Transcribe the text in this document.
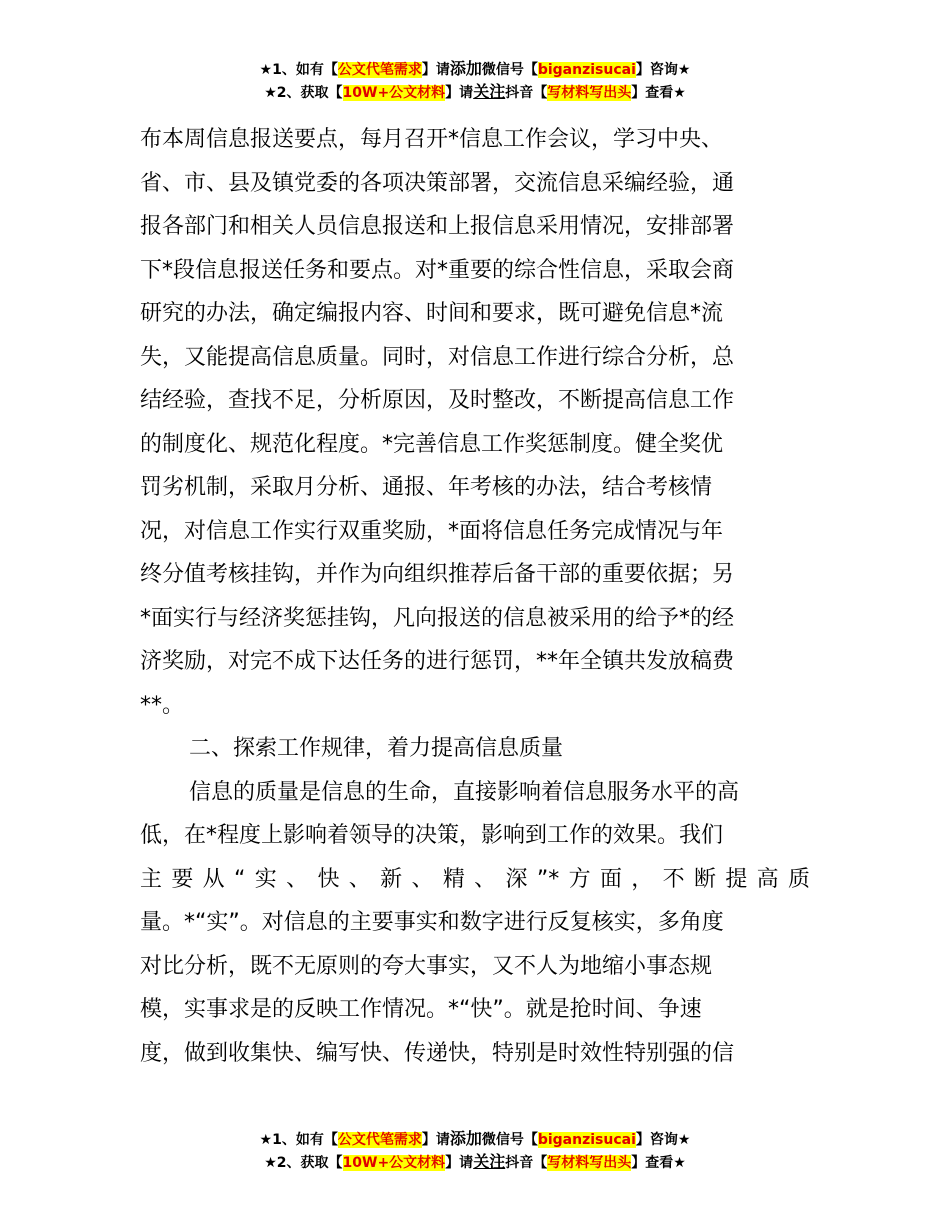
★1、如有【公文代笔需求】请添加微信号【biganzisucai】咨询★
★2、获取【10W+公文材料】请关注抖音【写材料写出头】查看★

布本周信息报送要点，每月召开*信息工作会议，学习中央、

省、市、县及镇党委的各项决策部署，交流信息采编经验，通

报各部门和相关人员信息报送和上报信息采用情况，安排部署

下*段信息报送任务和要点。对*重要的综合性信息，采取会商

研究的办法，确定编报内容、时间和要求，既可避免信息*流

失，又能提高信息质量。同时，对信息工作进行综合分析，总

结经验，查找不足，分析原因，及时整改，不断提高信息工作

的制度化、规范化程度。*完善信息工作奖惩制度。健全奖优

罚劣机制，采取月分析、通报、年考核的办法，结合考核情

况，对信息工作实行双重奖励，*面将信息任务完成情况与年

终分值考核挂钩，并作为向组织推荐后备干部的重要依据；另

*面实行与经济奖惩挂钩，凡向报送的信息被采用的给予*的经

济奖励，对完不成下达任务的进行惩罚，**年全镇共发放稿费

**。

二、探索工作规律，着力提高信息质量

信息的质量是信息的生命，直接影响着信息服务水平的高

低，在*程度上影响着领导的决策，影响到工作的效果。我们

主要从“实、快、新、精、深”*方面，不断提高质

量。*“实”。对信息的主要事实和数字进行反复核实，多角度

对比分析，既不无原则的夸大事实，又不人为地缩小事态规

模，实事求是的反映工作情况。*“快”。就是抢时间、争速

度，做到收集快、编写快、传递快，特别是时效性特别强的信

★1、如有【公文代笔需求】请添加微信号【biganzisucai】咨询★
★2、获取【10W+公文材料】请关注抖音【写材料写出头】查看★
